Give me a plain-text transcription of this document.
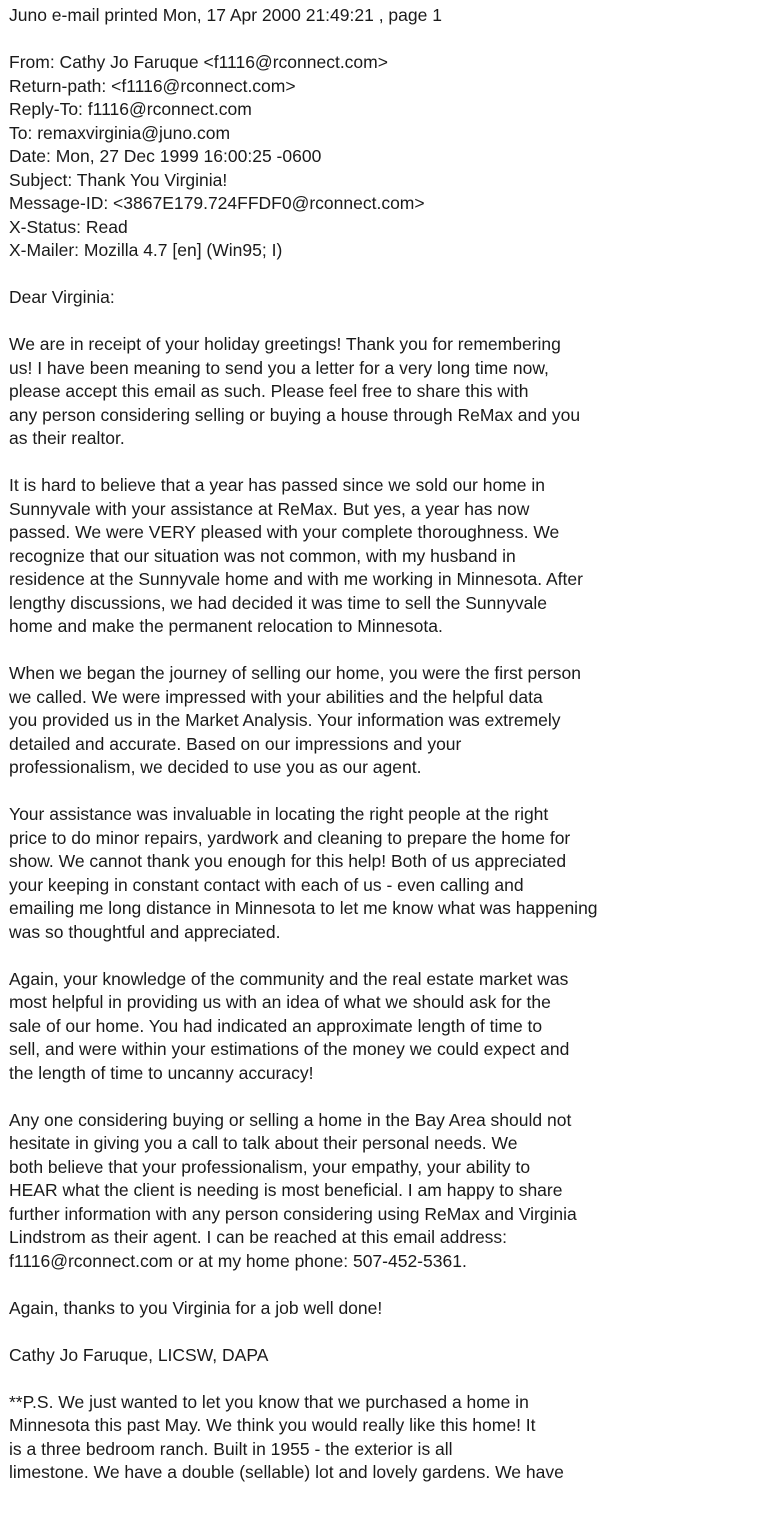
Juno e-mail printed Mon, 17 Apr 2000 21:49:21 , page 1
From: Cathy Jo Faruque <f1116@rconnect.com>
Return-path: <f1116@rconnect.com>
Reply-To: f1116@rconnect.com
To: remaxvirginia@juno.com
Date: Mon, 27 Dec 1999 16:00:25 -0600
Subject: Thank You Virginia!
Message-ID: <3867E179.724FFDF0@rconnect.com>
X-Status: Read
X-Mailer: Mozilla 4.7 [en] (Win95; I)
Dear Virginia:
We are in receipt of your holiday greetings! Thank you for remembering
us! I have been meaning to send you a letter for a very long time now,
please accept this email as such. Please feel free to share this with
any person considering selling or buying a house through ReMax and you
as their realtor.
It is hard to believe that a year has passed since we sold our home in
Sunnyvale with your assistance at ReMax. But yes, a year has now
passed. We were VERY pleased with your complete thoroughness. We
recognize that our situation was not common, with my husband in
residence at the Sunnyvale home and with me working in Minnesota. After
lengthy discussions, we had decided it was time to sell the Sunnyvale
home and make the permanent relocation to Minnesota.
When we began the journey of selling our home, you were the first person
we called. We were impressed with your abilities and the helpful data
you provided us in the Market Analysis. Your information was extremely
detailed and accurate. Based on our impressions and your
professionalism, we decided to use you as our agent.
Your assistance was invaluable in locating the right people at the right
price to do minor repairs, yardwork and cleaning to prepare the home for
show. We cannot thank you enough for this help! Both of us appreciated
your keeping in constant contact with each of us - even calling and
emailing me long distance in Minnesota to let me know what was happening
was so thoughtful and appreciated.
Again, your knowledge of the community and the real estate market was
most helpful in providing us with an idea of what we should ask for the
sale of our home. You had indicated an approximate length of time to
sell, and were within your estimations of the money we could expect and
the length of time to uncanny accuracy!
Any one considering buying or selling a home in the Bay Area should not
hesitate in giving you a call to talk about their personal needs. We
both believe that your professionalism, your empathy, your ability to
HEAR what the client is needing is most beneficial. I am happy to share
further information with any person considering using ReMax and Virginia
Lindstrom as their agent. I can be reached at this email address:
f1116@rconnect.com or at my home phone: 507-452-5361.
Again, thanks to you Virginia for a job well done!
Cathy Jo Faruque, LICSW, DAPA
**P.S. We just wanted to let you know that we purchased a home in
Minnesota this past May. We think you would really like this home! It
is a three bedroom ranch. Built in 1955 - the exterior is all
limestone. We have a double (sellable) lot and lovely gardens. We have
